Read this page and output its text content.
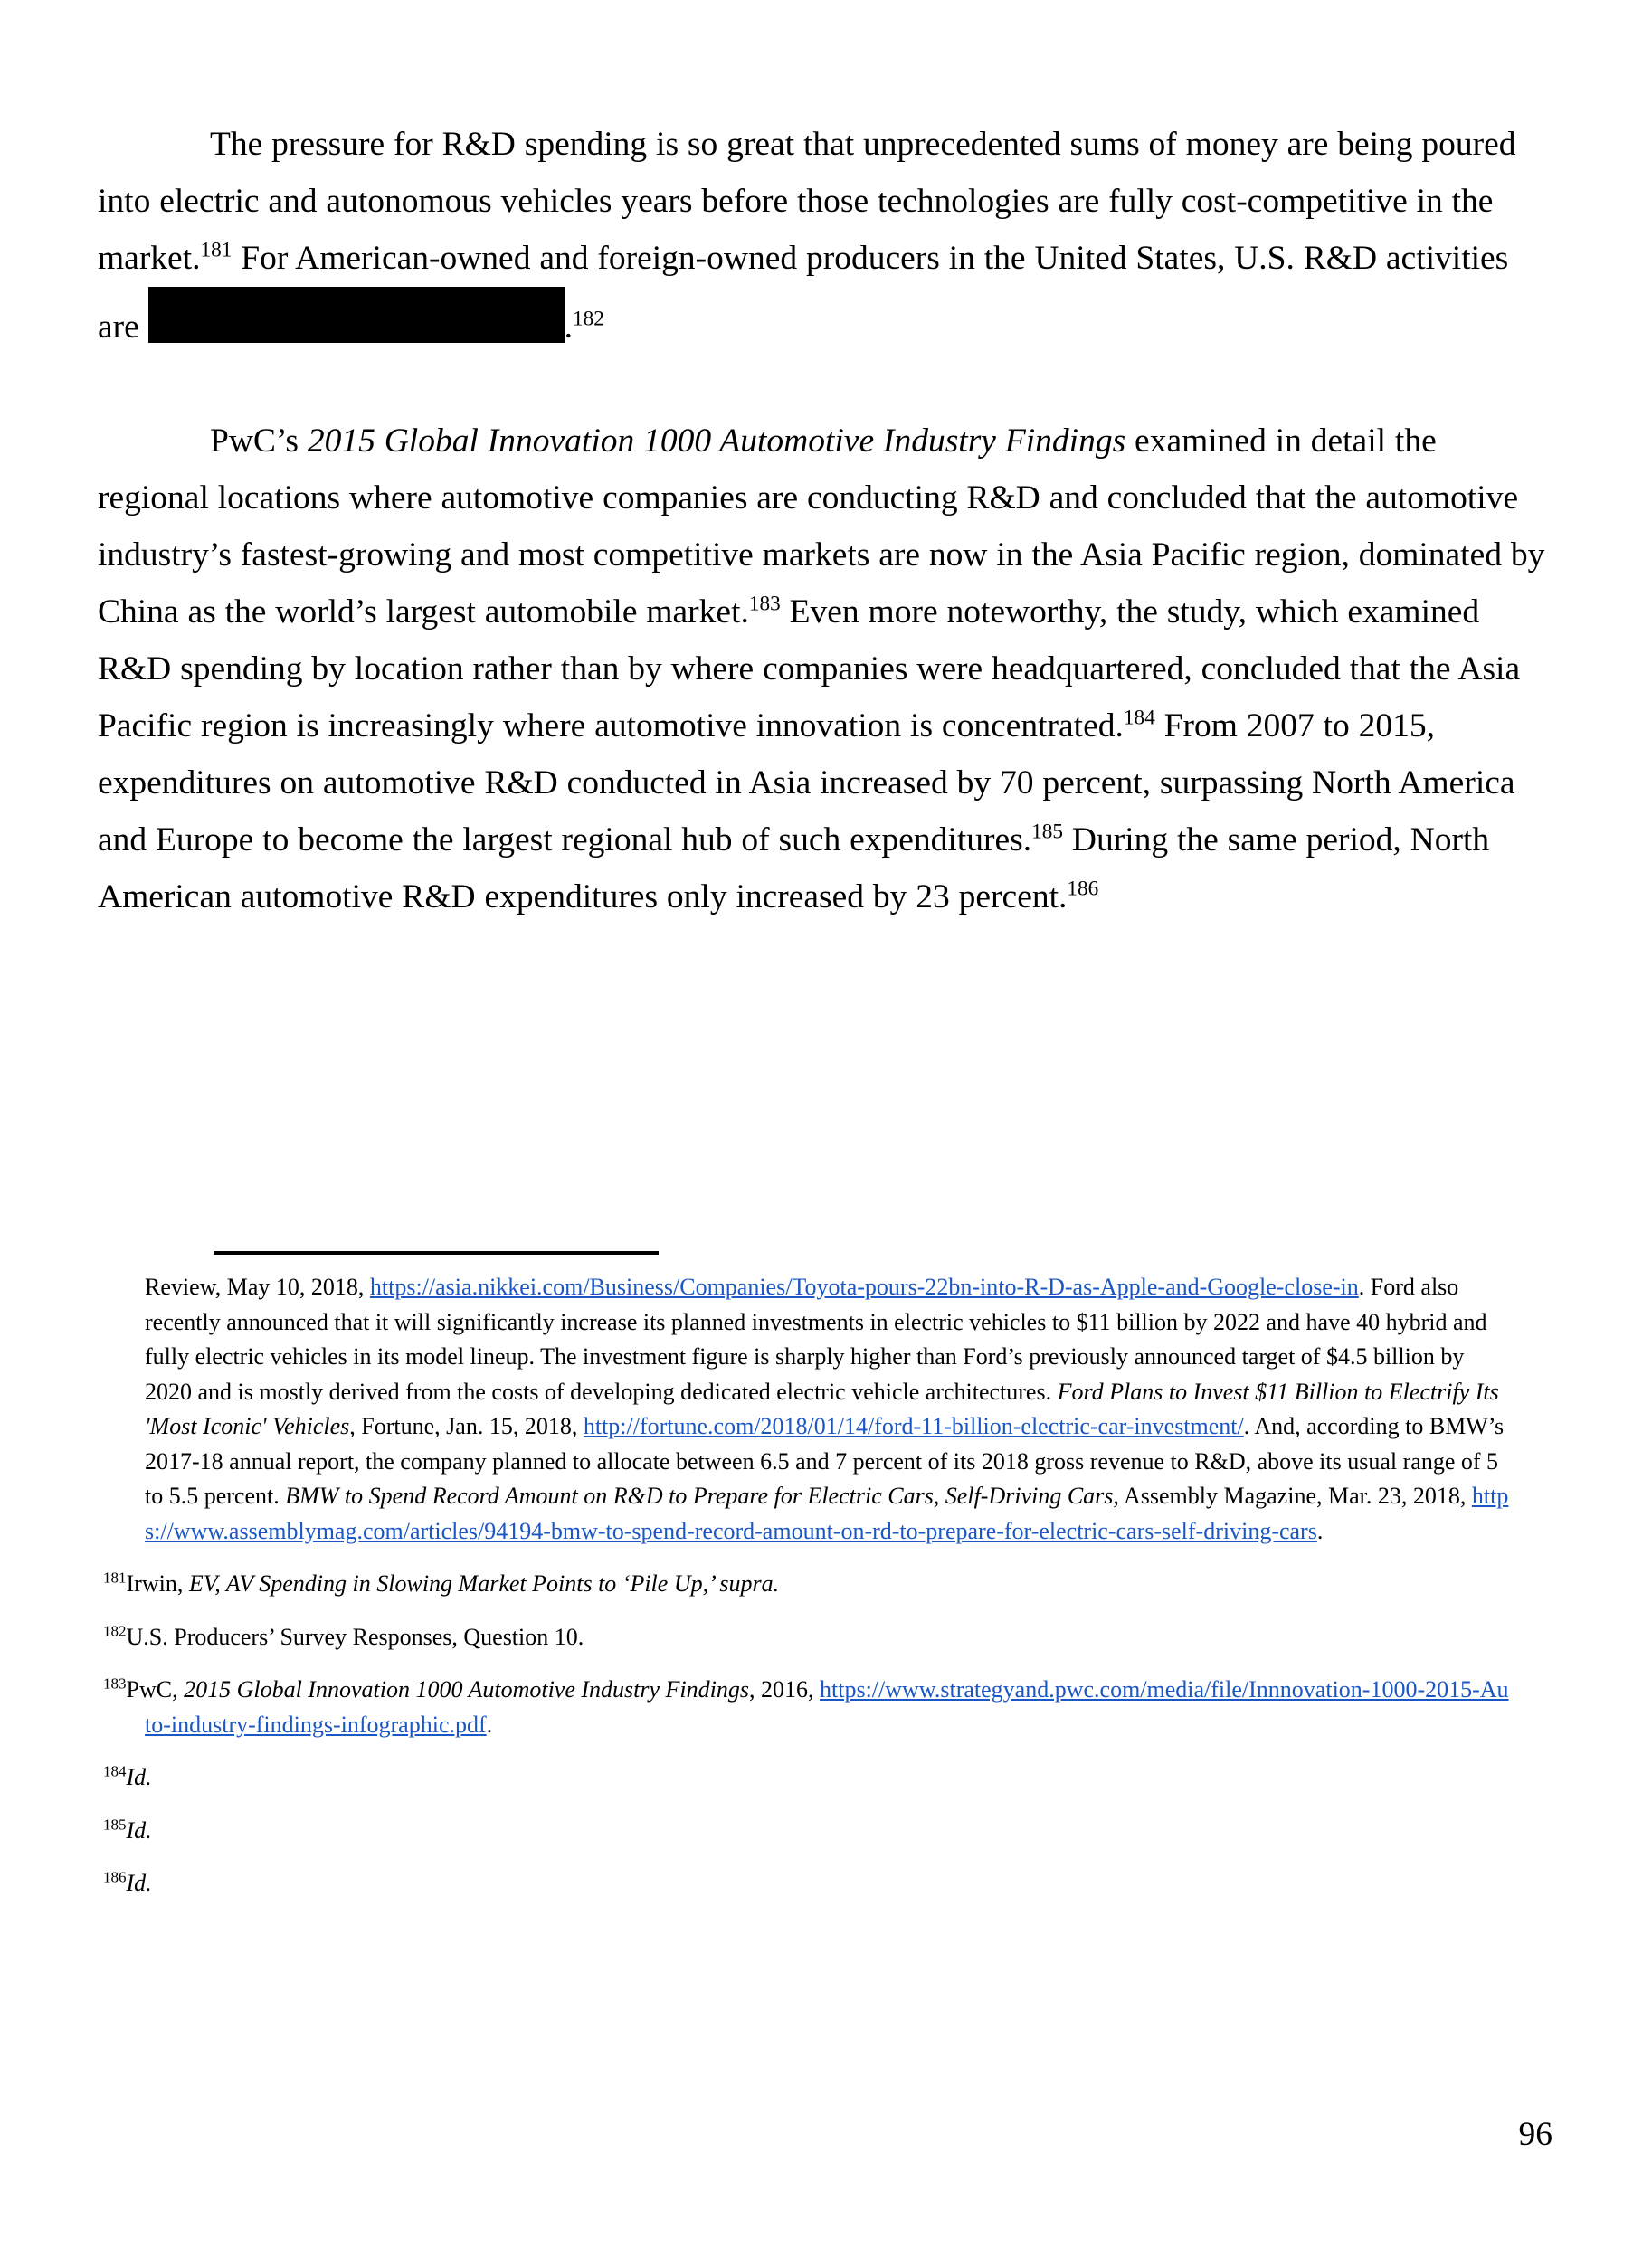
The pressure for R&D spending is so great that unprecedented sums of money are being poured into electric and autonomous vehicles years before those technologies are fully cost-competitive in the market.$^{181}$ For American-owned and foreign-owned producers in the United States, U.S. R&D activities are	.$^{182}$

PwC’s 2015 Global Innovation 1000 Automotive Industry Findings examined in detail the regional locations where automotive companies are conducting R&D and concluded that the automotive industry’s fastest-growing and most competitive markets are now in the Asia Pacific region, dominated by China as the world’s largest automobile market.$^{183}$ Even more noteworthy, the study, which examined R&D spending by location rather than by where companies were headquartered, concluded that the Asia Pacific region is increasingly where automotive innovation is concentrated.$^{184}$ From 2007 to 2015, expenditures on automotive R&D conducted in Asia increased by 70 percent, surpassing North America and Europe to become the largest regional hub of such expenditures.$^{185}$ During the same period, North American automotive R&D expenditures only increased by 23 percent.$^{186}$

Review, May 10, 2018, https://asia.nikkei.com/Business/Companies/Toyota-pours-22bn-into-R-D-as-Apple-and-Google-close-in. Ford also recently announced that it will significantly increase its planned investments in electric vehicles to $11 billion by 2022 and have 40 hybrid and fully electric vehicles in its model lineup. The investment figure is sharply higher than Ford’s previously announced target of $4.5 billion by 2020 and is mostly derived from the costs of developing dedicated electric vehicle architectures. Ford Plans to Invest $11 Billion to Electrify Its 'Most Iconic' Vehicles, Fortune, Jan. 15, 2018, http://fortune.com/2018/01/14/ford-11-billion-electric-car-investment/. And, according to BMW’s 2017-18 annual report, the company planned to allocate between 6.5 and 7 percent of its 2018 gross revenue to R&D, above its usual range of 5 to 5.5 percent. BMW to Spend Record Amount on R&D to Prepare for Electric Cars, Self-Driving Cars, Assembly Magazine, Mar. 23, 2018, https://www.assemblymag.com/articles/94194-bmw-to-spend-record-amount-on-rd-to-prepare-for-electric-cars-self-driving-cars.

$^{181}$Irwin, EV, AV Spending in Slowing Market Points to ‘Pile Up,’ supra.

$^{182}$U.S. Producers’ Survey Responses, Question 10.

$^{183}$PwC, 2015 Global Innovation 1000 Automotive Industry Findings, 2016, https://www.strategyand.pwc.com/media/file/Innnovation-1000-2015-Auto-industry-findings-infographic.pdf.

$^{184}$Id.

$^{185}$Id.

$^{186}$Id.

96
